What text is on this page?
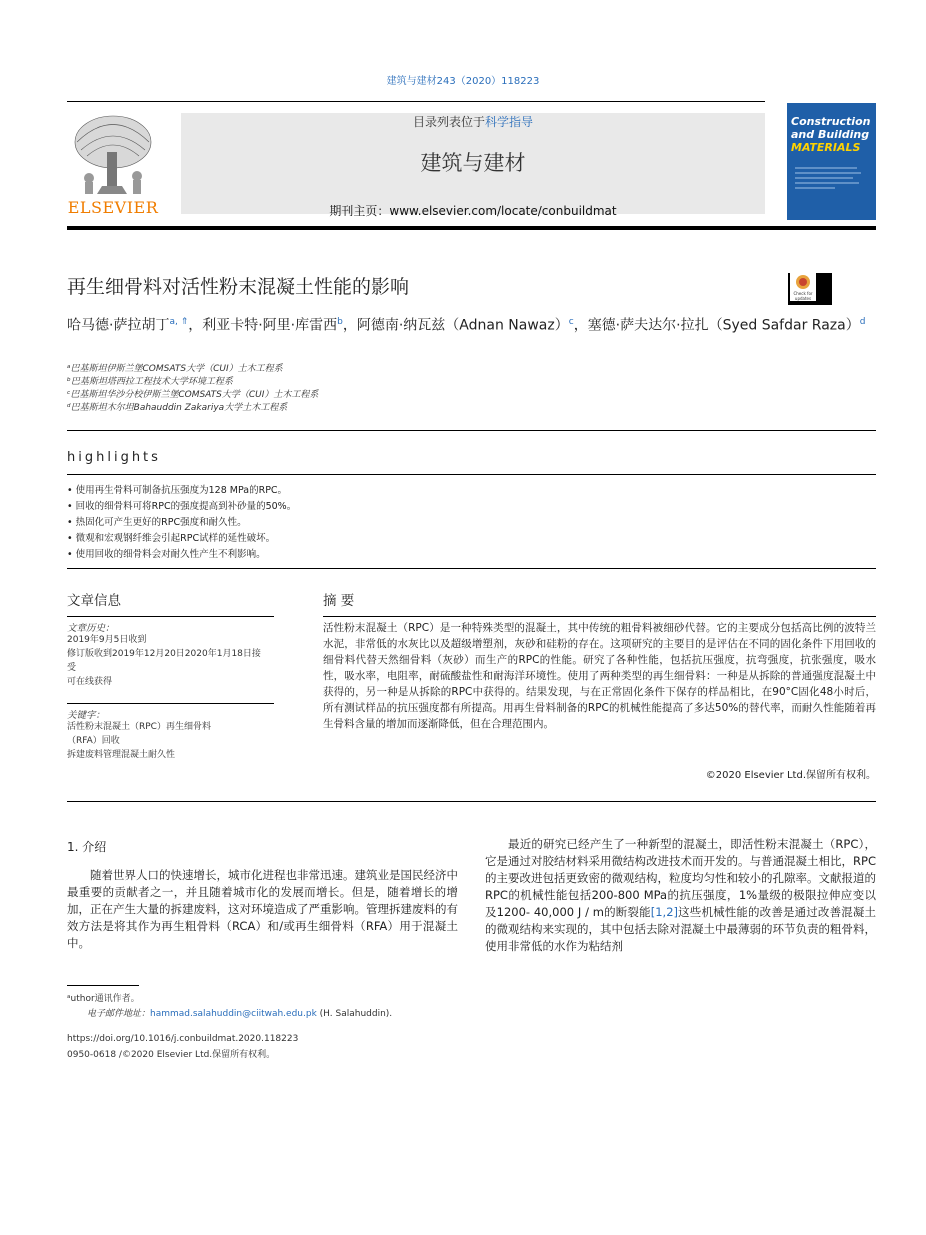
建筑与建材243（2020）118223
ELSEVIER
目录列表位于科学指导
建筑与建材
期刊主页：www.elsevier.com/locate/conbuildmat
Construction
and Building
MATERIALS
再生细骨料对活性粉末混凝土性能的影响	Check for updates
哈马德·萨拉胡丁$^{a, ⇑}$，利亚卡特·阿里·库雷西$^b$，阿德南·纳瓦兹（Adnan Nawaz）$^c$，塞德·萨夫达尔·拉扎（Syed Safdar Raza）$^d$
ᵃ巴基斯坦伊斯兰堡COMSATS大学（CUI）土木工程系
ᵇ巴基斯坦塔西拉工程技术大学环境工程系
ᶜ巴基斯坦华沙分校伊斯兰堡COMSATS大学（CUI）土木工程系
ᵈ巴基斯坦木尔坦Bahauddin Zakariya大学土木工程系
highlights
• 使用再生骨料可制备抗压强度为128 MPa的RPC。
• 回收的细骨料可将RPC的强度提高到补砂量的50%。
• 热固化可产生更好的RPC强度和耐久性。
• 微观和宏观钢纤维会引起RPC试样的延性破坏。
• 使用回收的细骨料会对耐久性产生不利影响。
文章信息
文章历史：
2019年9月5日收到
修订版收到2019年12月20日2020年1月18日接
受
可在线获得
关键字：
活性粉末混凝土（RPC）再生细骨料
（RFA）回收
拆建废料管理混凝土耐久性
摘 要
活性粉末混凝土（RPC）是一种特殊类型的混凝土，其中传统的粗骨料被细砂代替。它的主要成分包括高比例的波特兰水泥，非常低的水灰比以及超级增塑剂，灰砂和硅粉的存在。这项研究的主要目的是评估在不同的固化条件下用回收的细骨料代替天然细骨料（灰砂）而生产的RPC的性能。研究了各种性能，包括抗压强度，抗弯强度，抗张强度，吸水性，吸水率，电阻率，耐硫酸盐性和耐海洋环境性。使用了两种类型的再生细骨料：一种是从拆除的普通强度混凝土中获得的，另一种是从拆除的RPC中获得的。结果发现，与在正常固化条件下保存的样品相比，在90°C固化48小时后，所有测试样品的抗压强度都有所提高。用再生骨料制备的RPC的机械性能提高了多达50%的替代率，而耐久性能随着再生骨料含量的增加而逐渐降低，但在合理范围内。
©2020 Elsevier Ltd.保留所有权利。
1. 介绍
随着世界人口的快速增长，城市化进程也非常迅速。建筑业是国民经济中最重要的贡献者之一，并且随着城市化的发展而增长。但是，随着增长的增加，正在产生大量的拆建废料，这对环境造成了严重影响。管理拆建废料的有效方法是将其作为再生粗骨料（RCA）和/或再生细骨料（RFA）用于混凝土中。
最近的研究已经产生了一种新型的混凝土，即活性粉末混凝土（RPC），它是通过对胶结材料采用微结构改进技术而开发的。与普通混凝土相比，RPC的主要改进包括更致密的微观结构，粒度均匀性和较小的孔隙率。文献报道的RPC的机械性能包括200-800 MPa的抗压强度，1%量级的极限拉伸应变以及1200- 40,000 J / m的断裂能[1,2]这些机械性能的改善是通过改善混凝土的微观结构来实现的，其中包括去除对混凝土中最薄弱的环节负责的粗骨料，使用非常低的水作为粘结剂
ᵃuthor通讯作者。
电子邮件地址：hammad.salahuddin@ciitwah.edu.pk (H. Salahuddin).
https://doi.org/10.1016/j.conbuildmat.2020.118223
0950-0618 /©2020 Elsevier Ltd.保留所有权利。
